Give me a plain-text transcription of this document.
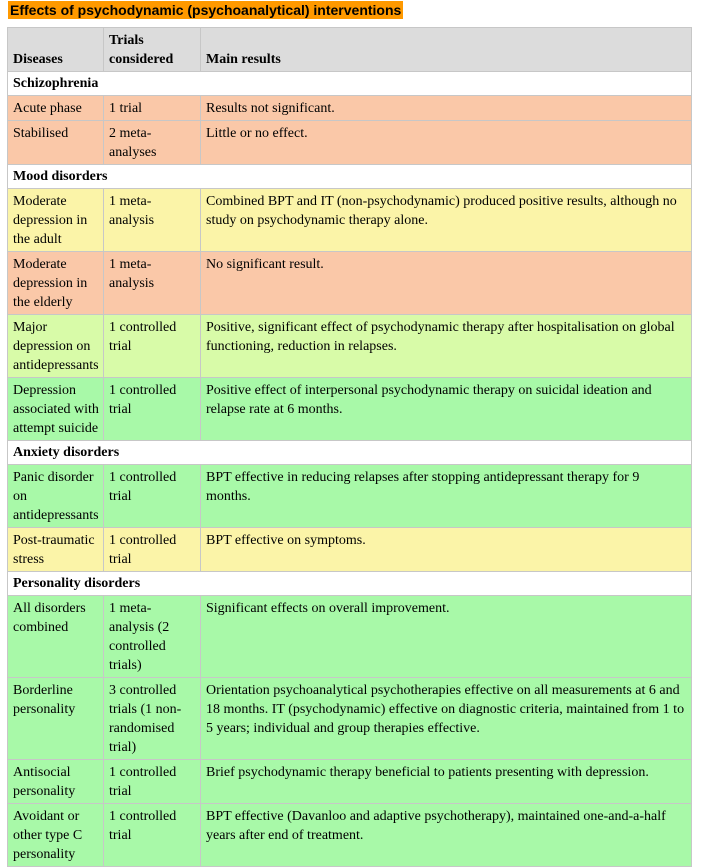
Effects of psychodynamic (psychoanalytical) interventions
Diseases	Trials considered	Main results
Schizophrenia		
Acute phase	1 trial	Results not significant.
Stabilised	2 meta-analyses	Little or no effect.
Mood disorders		
Moderate depression in the adult	1 meta-analysis	Combined BPT and IT (non-psychodynamic) produced positive results, although no study on psychodynamic therapy alone.
Moderate depression in the elderly	1 meta-analysis	No significant result.
Major depression on antidepressants	1 controlled trial	Positive, significant effect of psychodynamic therapy after hospitalisation on global functioning, reduction in relapses.
Depression associated with attempt suicide	1 controlled trial	Positive effect of interpersonal psychodynamic therapy on suicidal ideation and relapse rate at 6 months.
Anxiety disorders		
Panic disorder on antidepressants	1 controlled trial	BPT effective in reducing relapses after stopping antidepressant therapy for 9 months.
Post-traumatic stress	1 controlled trial	BPT effective on symptoms.
Personality disorders		
All disorders combined	1 meta-analysis (2 controlled trials)	Significant effects on overall improvement.
Borderline personality	3 controlled trials (1 non-randomised trial)	Orientation psychoanalytical psychotherapies effective on all measurements at 6 and 18 months. IT (psychodynamic) effective on diagnostic criteria, maintained from 1 to 5 years; individual and group therapies effective.
Antisocial personality	1 controlled trial	Brief psychodynamic therapy beneficial to patients presenting with depression.
Avoidant or other type C personality	1 controlled trial	BPT effective (Davanloo and adaptive psychotherapy), maintained one-and-a-half years after end of treatment.
